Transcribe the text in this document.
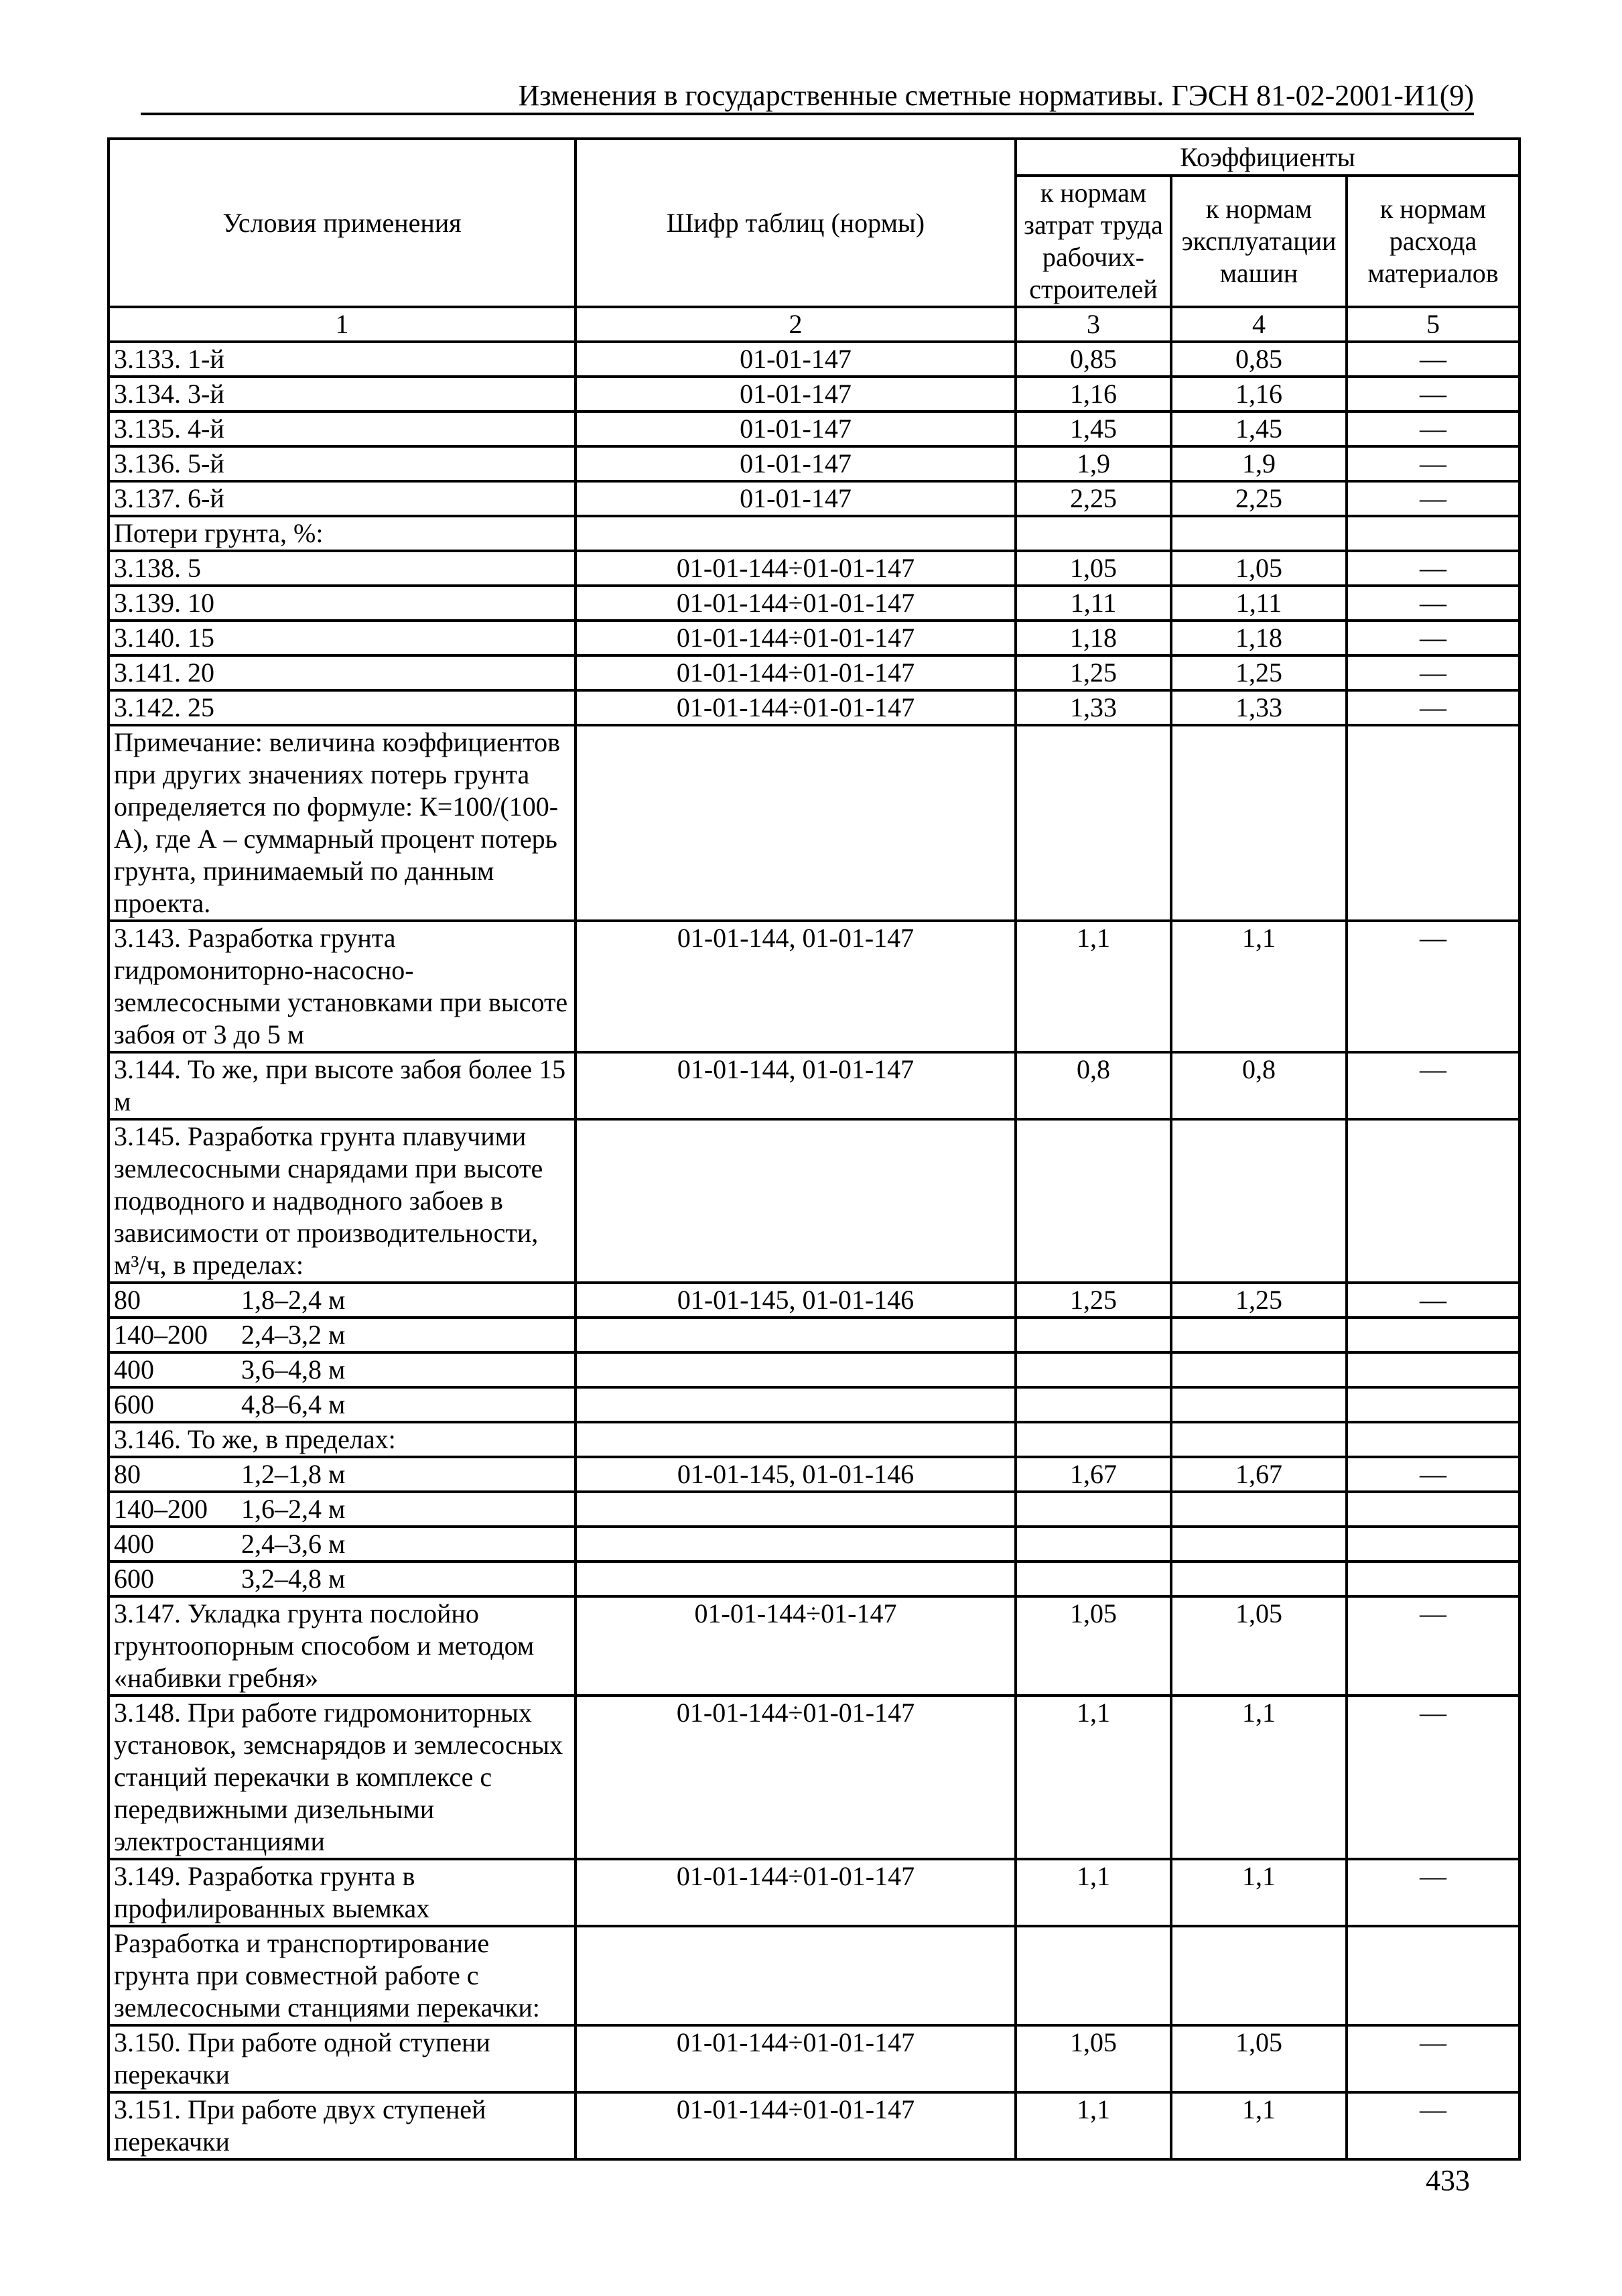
Изменения в государственные сметные нормативы. ГЭСН 81-02-2001-И1(9)
Условия применения	Шифр таблиц (нормы)	Коэффициенты		
		к нормам затрат труда рабочих-строителей	к нормам эксплуатации машин	к нормам расхода материалов
1	2	3	4	5
3.133. 1-й	01-01-147	0,85	0,85	—
3.134. 3-й	01-01-147	1,16	1,16	—
3.135. 4-й	01-01-147	1,45	1,45	—
3.136. 5-й	01-01-147	1,9	1,9	—
3.137. 6-й	01-01-147	2,25	2,25	—
Потери грунта, %:				
3.138. 5	01-01-144÷01-01-147	1,05	1,05	—
3.139. 10	01-01-144÷01-01-147	1,11	1,11	—
3.140. 15	01-01-144÷01-01-147	1,18	1,18	—
3.141. 20	01-01-144÷01-01-147	1,25	1,25	—
3.142. 25	01-01-144÷01-01-147	1,33	1,33	—
Примечание: величина коэффициентов при других значениях потерь грунта определяется по формуле: К=100/(100-А), где А – суммарный процент потерь грунта, принимаемый по данным проекта.				
3.143. Разработка грунта гидромониторно-насосно-землесосными установками при высоте забоя от 3 до 5 м	01-01-144, 01-01-147	1,1	1,1	—
3.144. То же, при высоте забоя более 15 м	01-01-144, 01-01-147	0,8	0,8	—
3.145. Разработка грунта плавучими землесосными снарядами при высоте подводного и надводного забоев в зависимости от производительности, м³/ч, в пределах:				
80 1,8–2,4 м	01-01-145, 01-01-146	1,25	1,25	—
140–200 2,4–3,2 м				
400 3,6–4,8 м				
600 4,8–6,4 м				
3.146. То же, в пределах:				
80 1,2–1,8 м	01-01-145, 01-01-146	1,67	1,67	—
140–200 1,6–2,4 м				
400 2,4–3,6 м				
600 3,2–4,8 м				
3.147. Укладка грунта послойно грунтоопорным способом и методом «набивки гребня»	01-01-144÷01-147	1,05	1,05	—
3.148. При работе гидромониторных установок, земснарядов и землесосных станций перекачки в комплексе с передвижными дизельными электростанциями	01-01-144÷01-01-147	1,1	1,1	—
3.149. Разработка грунта в профилированных выемках	01-01-144÷01-01-147	1,1	1,1	—
Разработка и транспортирование грунта при совместной работе с землесосными станциями перекачки:				
3.150. При работе одной ступени перекачки	01-01-144÷01-01-147	1,05	1,05	—
3.151. При работе двух ступеней перекачки	01-01-144÷01-01-147	1,1	1,1	—
433
